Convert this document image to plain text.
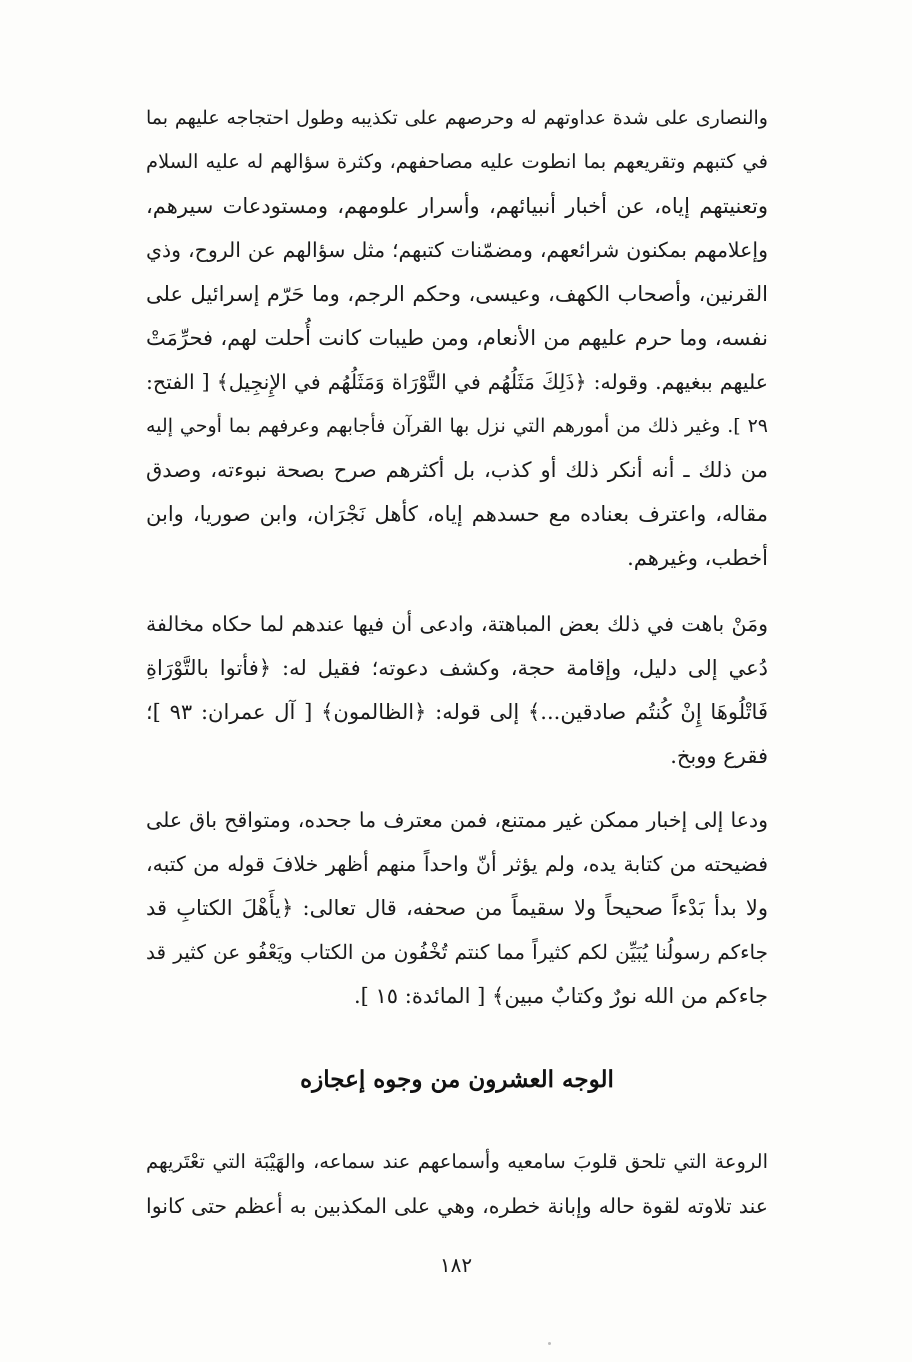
والنصارى على شدة عداوتهم له وحرصهم على تكذيبه وطول احتجاجه عليهم بما
في كتبهم وتقريعهم بما انطوت عليه مصاحفهم، وكثرة سؤالهم له عليه السلام
وتعنيتهم إياه، عن أخبار أنبيائهم، وأسرار علومهم، ومستودعات سيرهم،
وإعلامهم بمكنون شرائعهم، ومضمّنات كتبهم؛ مثل سؤالهم عن الروح، وذي
القرنين، وأصحاب الكهف، وعيسى، وحكم الرجم، وما حَرّم إسرائيل على
نفسه، وما حرم عليهم من الأنعام، ومن طيبات كانت أُحلت لهم، فحرِّمَتْ
عليهم ببغيهم. وقوله: ﴿ذَلِكَ مَثَلُهُم في التَّوْرَاة وَمَثَلُهُم في الإِنجِيل﴾ [ الفتح:
٢٩ ]. وغير ذلك من أمورهم التي نزل بها القرآن فأجابهم وعرفهم بما أوحي إليه
من ذلك ـ أنه أنكر ذلك أو كذب، بل أكثرهم صرح بصحة نبوءته، وصدق
مقاله، واعترف بعناده مع حسدهم إياه، كأهل نَجْرَان، وابن صوريا، وابن
أخطب، وغيرهم.
ومَنْ باهت في ذلك بعض المباهتة، وادعى أن فيها عندهم لما حكاه مخالفة
دُعي إلى دليل، وإقامة حجة، وكشف دعوته؛ فقيل له: ﴿فأتوا بالتَّوْرَاةِ
فَاتْلُوهَا إِنْ كُنتُم صادقين...﴾ إلى قوله: ﴿الظالمون﴾ [ آل عمران: ٩٣ ]؛
فقرع ووبخ.
ودعا إلى إخبار ممكن غير ممتنع، فمن معترف ما جحده، ومتواقح باق على
فضيحته من كتابة يده، ولم يؤثر أنّ واحداً منهم أظهر خلافَ قوله من كتبه،
ولا بدأ بَدْءاً صحيحاً ولا سقيماً من صحفه، قال تعالى: ﴿يأَهْلَ الكتابِ قد
جاءكم رسولُنا يُبَيِّن لكم كثيراً مما كنتم تُخْفُون من الكتاب ويَعْفُو عن كثير قد
جاءكم من الله نورٌ وكتابٌ مبين﴾ [ المائدة: ١٥ ].
الوجه العشرون من وجوه إعجازه
الروعة التي تلحق قلوبَ سامعيه وأسماعهم عند سماعه، والهَيْبَة التي تعْتَريهم
عند تلاوته لقوة حاله وإبانة خطره، وهي على المكذبين به أعظم حتى كانوا
١٨٢
